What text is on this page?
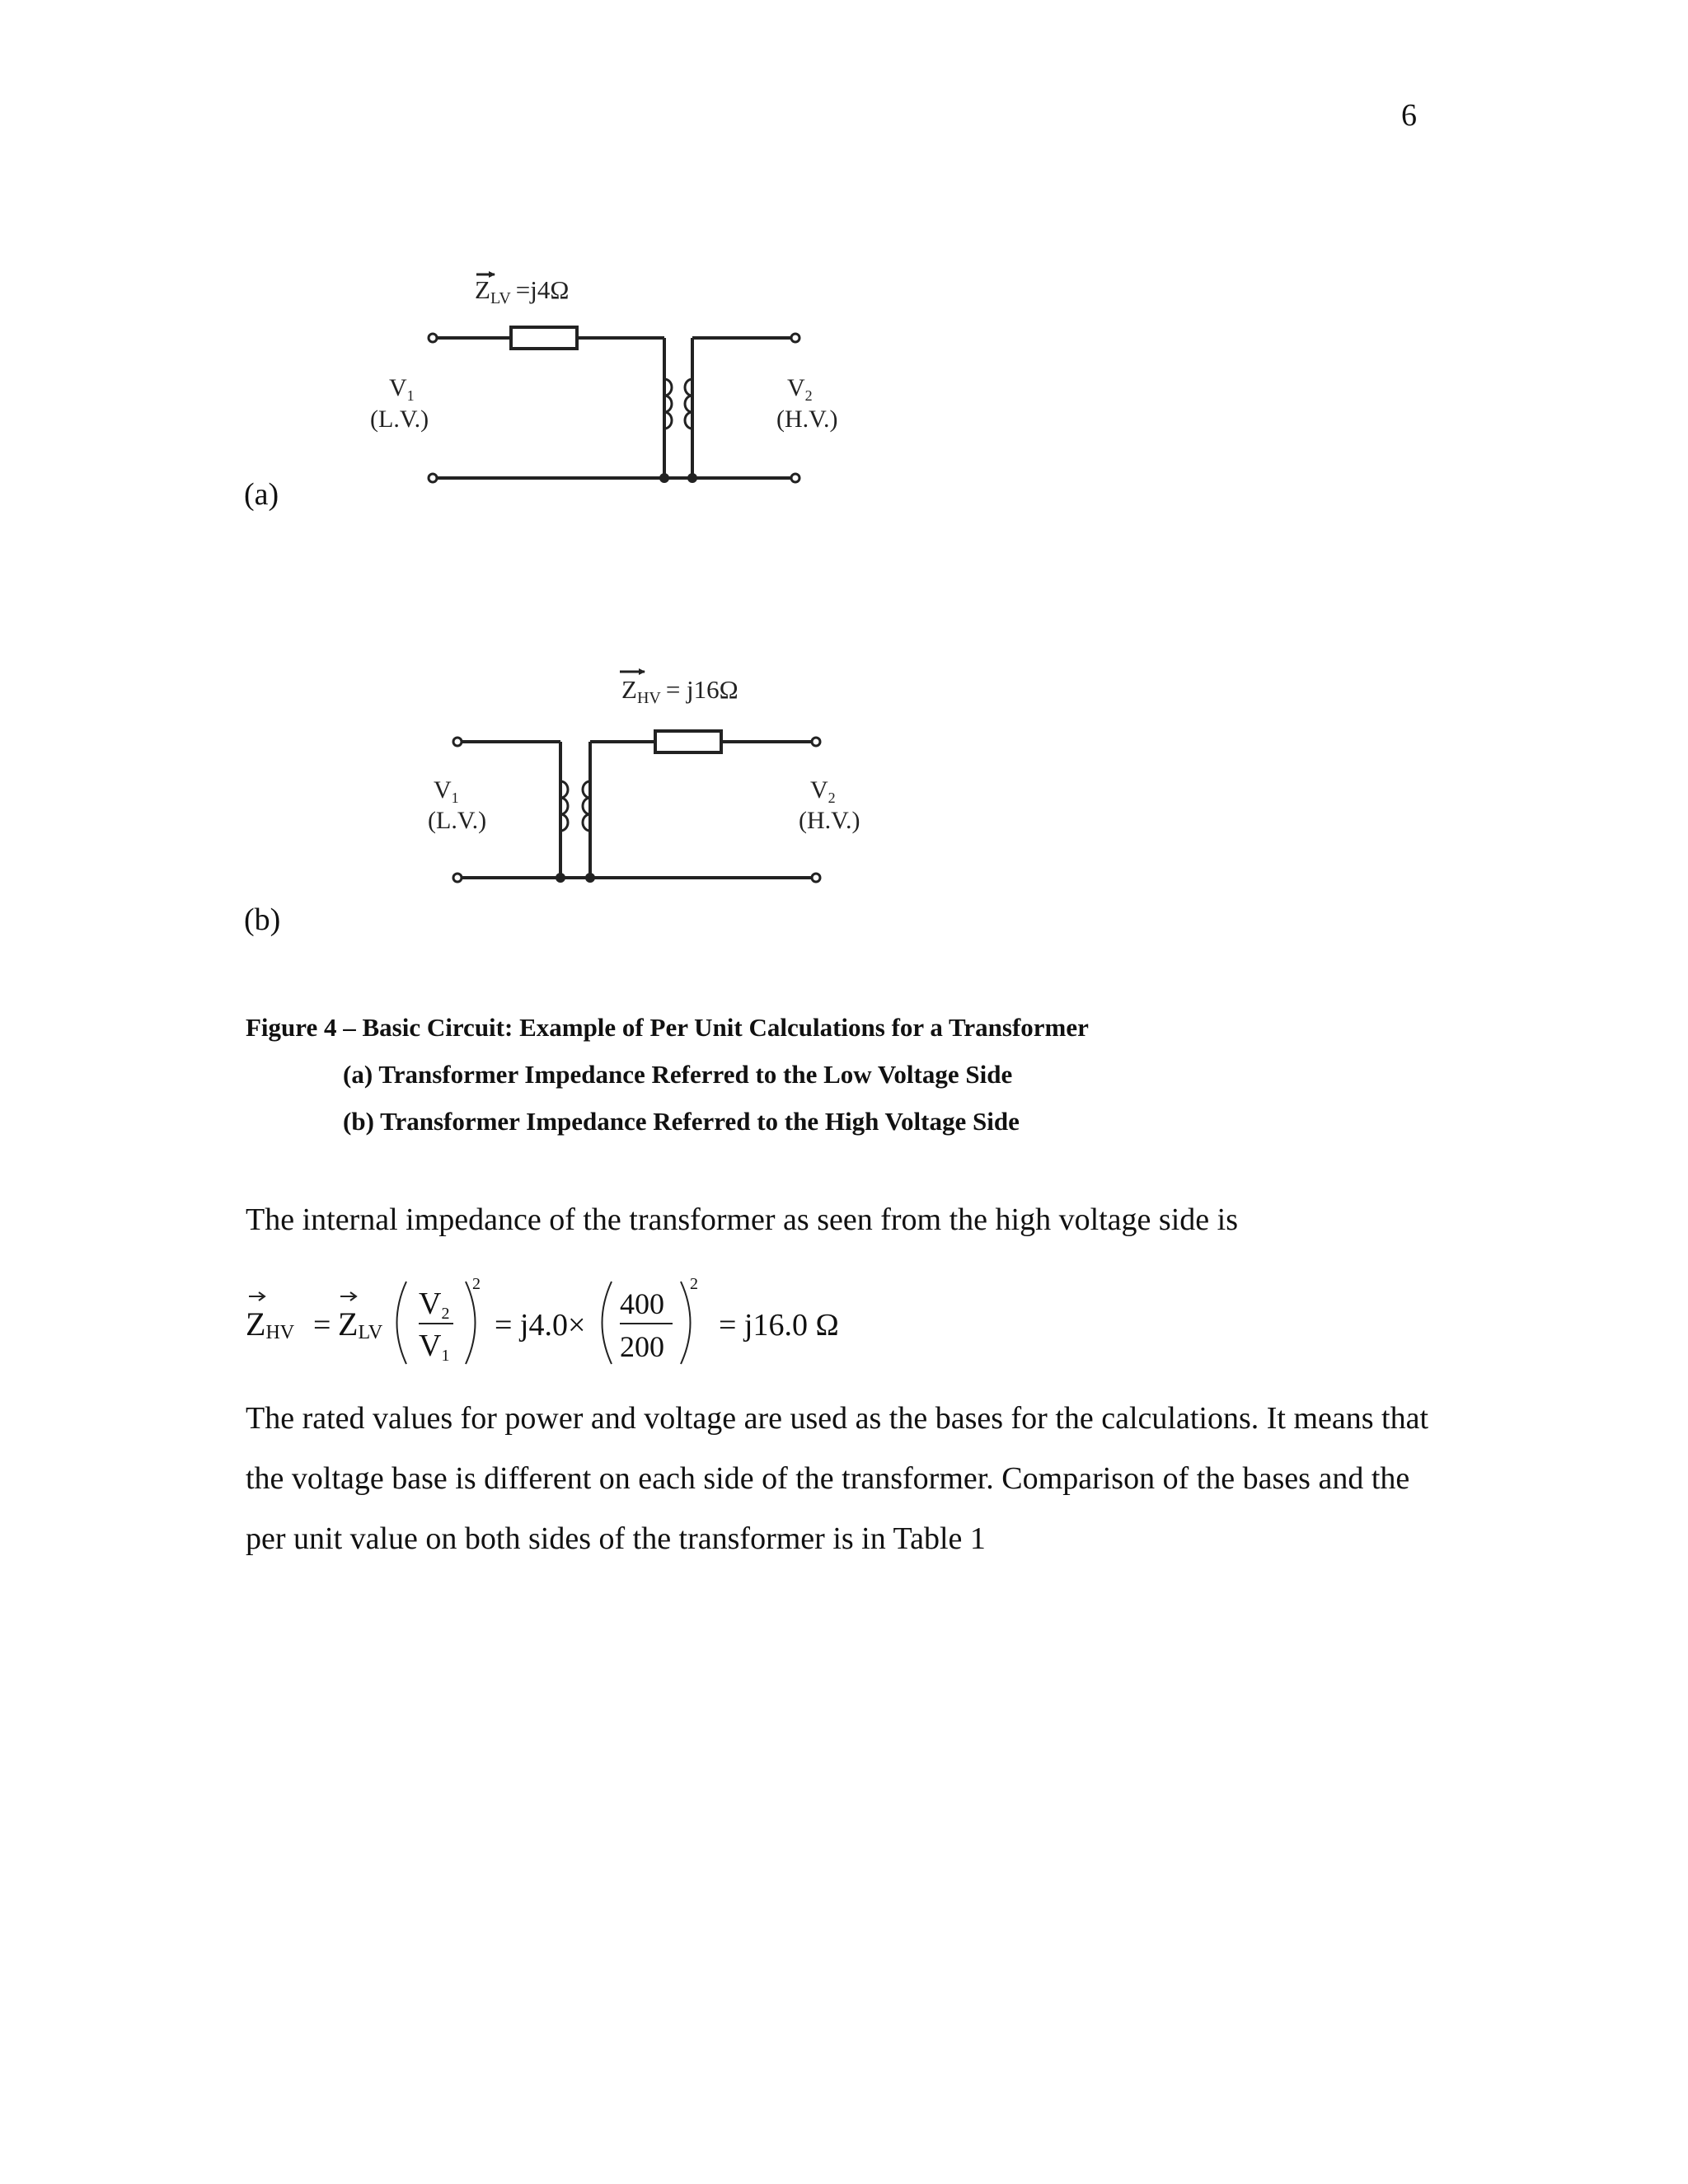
6
(a)
(b)
ZLV =j4Ω
$V_1$
(L.V.)
$V_2$
(H.V.)
ZHV = j16Ω
$V_1$
(L.V.)
$V_2$
(H.V.)
Figure 4 – Basic Circuit: Example of Per Unit Calculations for a Transformer
(a) Transformer Impedance Referred to the Low Voltage Side
(b) Transformer Impedance Referred to the High Voltage Side
The internal impedance of the transformer as seen from the high voltage side is
ZHV = ZLV
V2
V1
2
= j4.0×
400
200
2
= j16.0 Ω
The rated values for power and voltage are used as the bases for the calculations. It means that the voltage base is different on each side of the transformer. Comparison of the bases and the per unit value on both sides of the transformer is in Table 1
